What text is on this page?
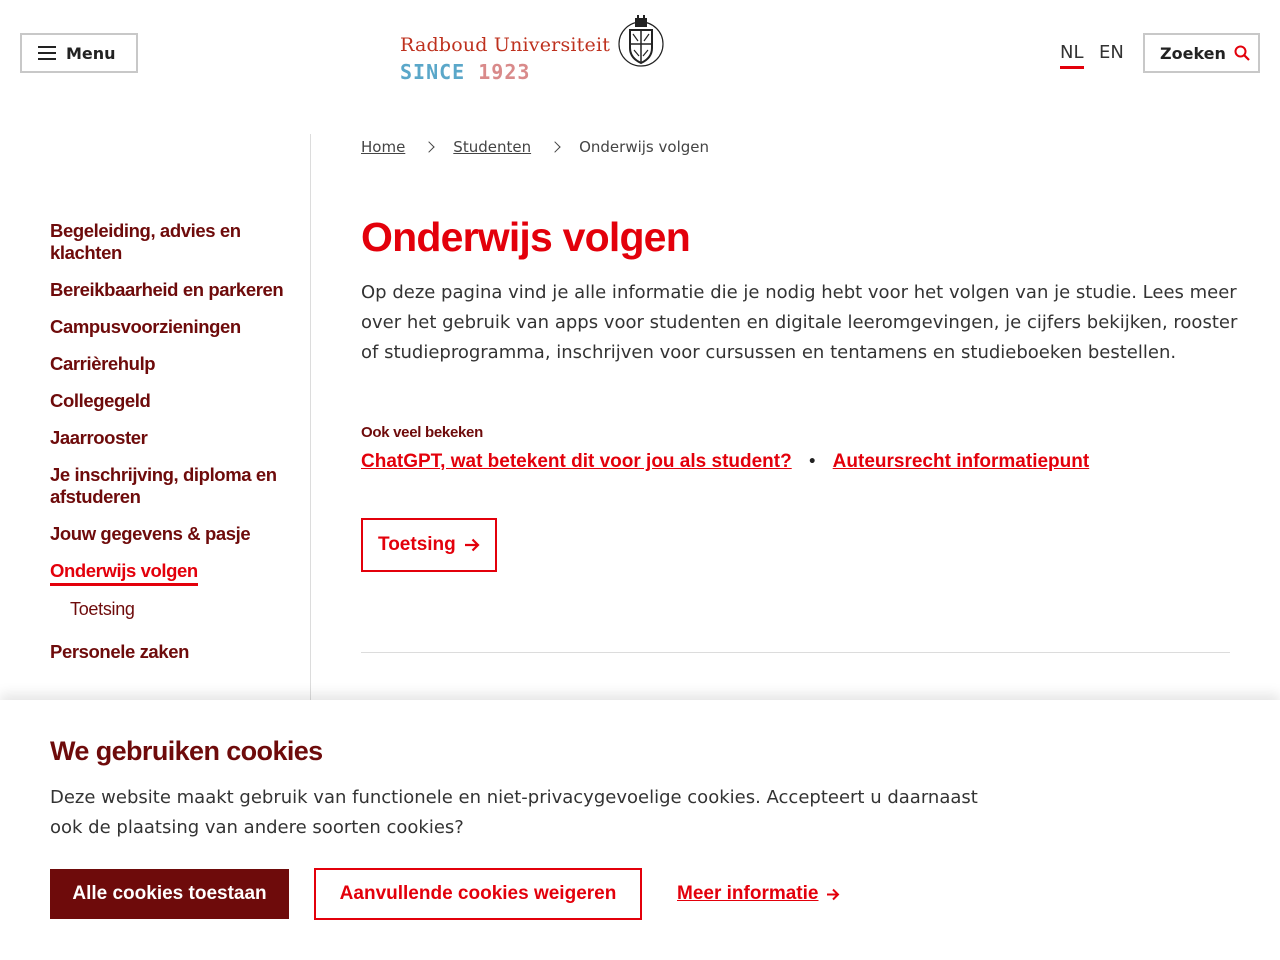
Menu	Radboud Universiteit
SINCE 1923
NL EN Zoeken
Begeleiding, advies en klachten
Bereikbaarheid en parkeren
Campusvoorzieningen
Carrièrehulp
Collegegeld
Jaarrooster
Je inschrijving, diploma en afstuderen
Jouw gegevens & pasje
Onderwijs volgen
Toetsing
Personele zaken
Home	Studenten	Onderwijs volgen
Onderwijs volgen

Op deze pagina vind je alle informatie die je nodig hebt voor het volgen van je studie. Lees meer over het gebruik van apps voor studenten en digitale leeromgevingen, je cijfers bekijken, rooster of studieprogramma, inschrijven voor cursussen en tentamens en studieboeken bestellen.

Ook veel bekeken
ChatGPT, wat betekent dit voor jou als student? • Auteursrecht informatiepunt
Toetsing
We gebruiken cookies

Deze website maakt gebruik van functionele en niet-privacygevoelige cookies. Accepteert u daarnaast ook de plaatsing van andere soorten cookies?

Alle cookies toestaan	Aanvullende cookies weigeren	Meer informatie
